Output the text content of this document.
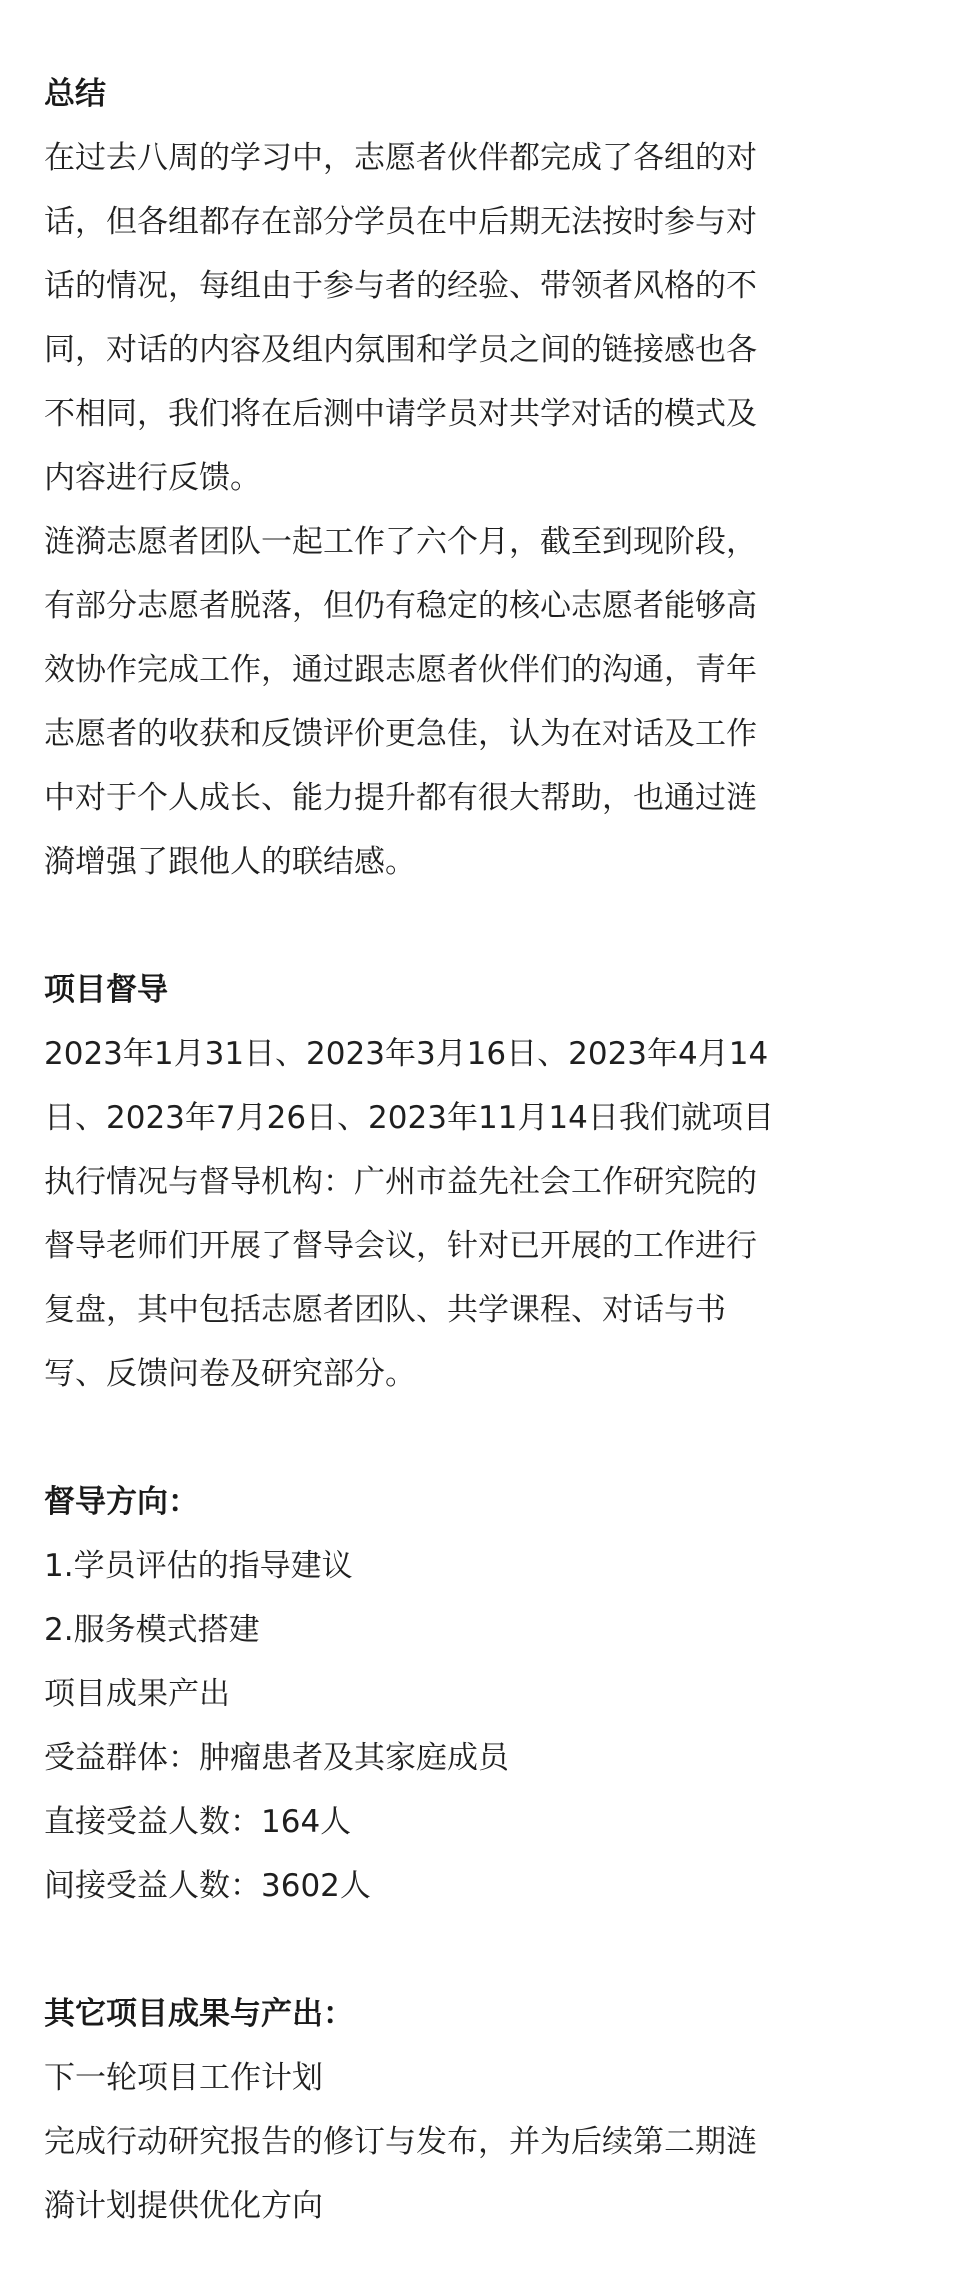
总结

在过去八周的学习中，志愿者伙伴都完成了各组的对
话，但各组都存在部分学员在中后期无法按时参与对
话的情况，每组由于参与者的经验、带领者风格的不
同，对话的内容及组内氛围和学员之间的链接感也各
不相同，我们将在后测中请学员对共学对话的模式及
内容进行反馈。

涟漪志愿者团队一起工作了六个月，截至到现阶段，
有部分志愿者脱落，但仍有稳定的核心志愿者能够高
效协作完成工作，通过跟志愿者伙伴们的沟通，青年
志愿者的收获和反馈评价更急佳，认为在对话及工作
中对于个人成长、能力提升都有很大帮助，也通过涟
漪增强了跟他人的联结感。

项目督导

2023年1月31日、2023年3月16日、2023年4月14
日、2023年7月26日、2023年11月14日我们就项目
执行情况与督导机构：广州市益先社会工作研究院的
督导老师们开展了督导会议，针对已开展的工作进行
复盘，其中包括志愿者团队、共学课程、对话与书
写、反馈问卷及研究部分。

督导方向：

1.学员评估的指导建议

2.服务模式搭建

项目成果产出

受益群体：肿瘤患者及其家庭成员

直接受益人数：164人

间接受益人数：3602人

其它项目成果与产出：

下一轮项目工作计划

完成行动研究报告的修订与发布，并为后续第二期涟
漪计划提供优化方向
